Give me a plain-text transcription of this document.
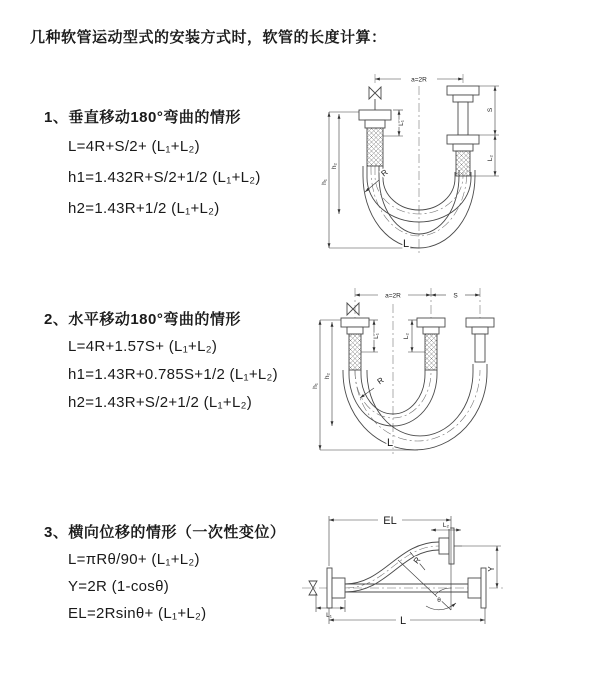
几种软管运动型式的安装方式时，软管的长度计算：
1、垂直移动180°弯曲的情形
L=4R+S/2+ (L₁+L₂)
h1=1.432R+S/2+1/2 (L₁+L₂)
h2=1.43R+1/2 (L₁+L₂)
2、水平移动180°弯曲的情形
L=4R+1.57S+ (L₁+L₂)
h1=1.43R+0.785S+1/2 (L₁+L₂)
h2=1.43R+S/2+1/2 (L₁+L₂)
3、横向位移的情形（一次性变位）
L=πRθ/90+ (L₁+L₂)
Y=2R (1-cosθ)
EL=2Rsinθ+ (L₁+L₂)
a=2R
h₁
h₂
S
L₂
L₁
R
L
a=2R	S
h₁
h₂
L₁	L₂
R
L
EL	L₂
Y
R
θ
L₁	L
